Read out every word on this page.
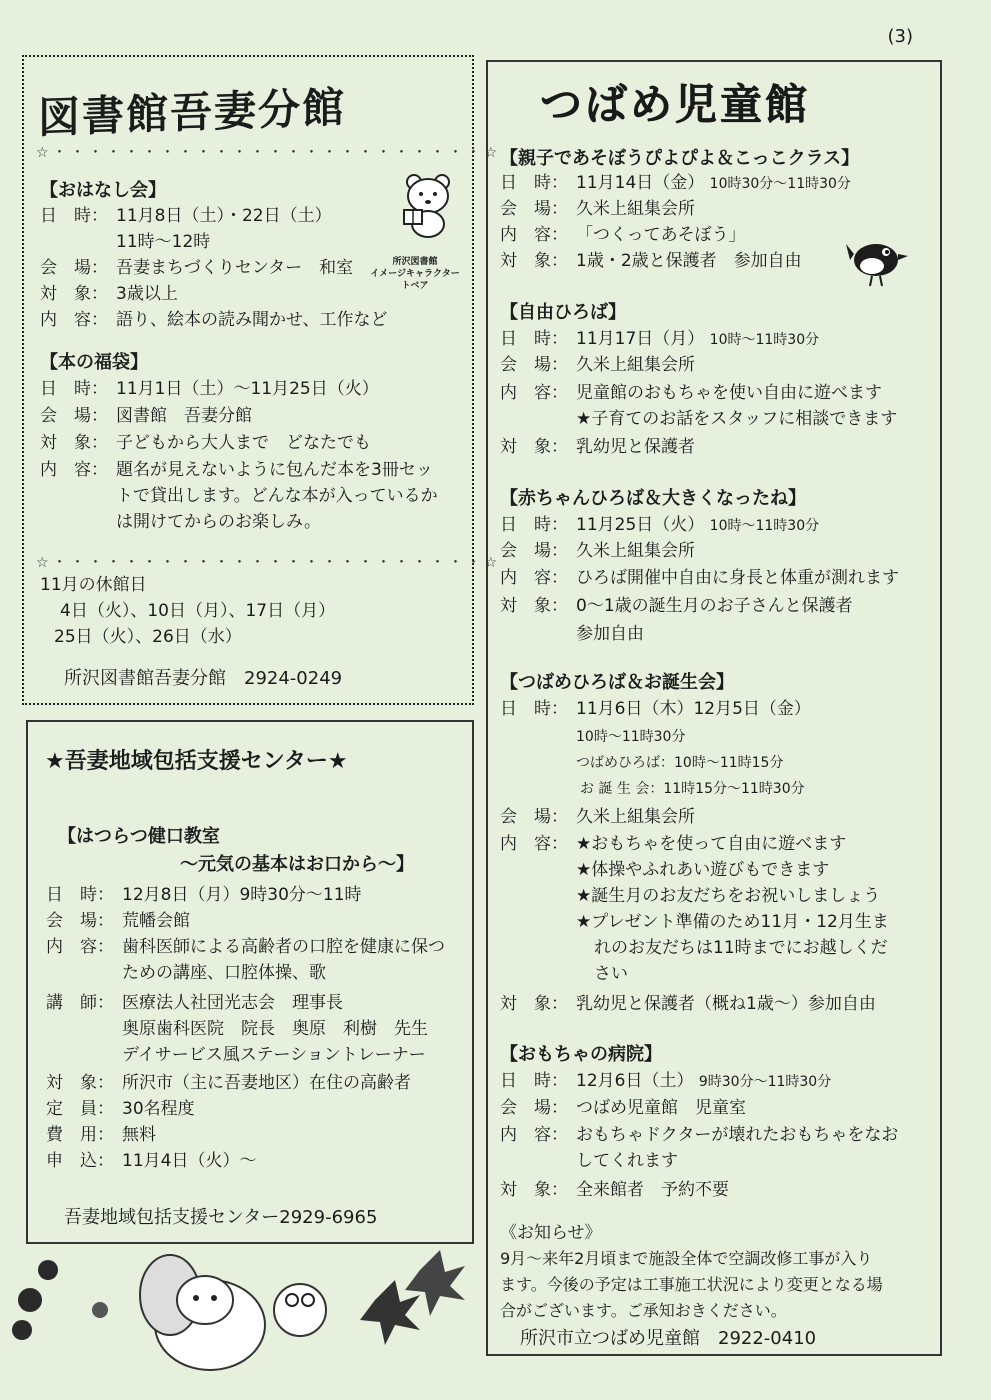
(3)
図書館吾妻分館
☆・・・・・・・・・・・・・・・・・・・・・・・・☆
【おはなし会】
日　時： 11月8日（土）・22日（土）
11時～12時
会　場： 吾妻まちづくりセンター　和室
対　象： 3歳以上
内　容： 語り、絵本の読み聞かせ、工作など
所沢図書館
イメージキャラクター
トベア
【本の福袋】
日　時： 11月1日（土）～11月25日（火）
会　場： 図書館　吾妻分館
対　象： 子どもから大人まで　どなたでも
内　容： 題名が見えないように包んだ本を3冊セッ
トで貸出します。どんな本が入っているか
は開けてからのお楽しみ。
☆・・・・・・・・・・・・・・・・・・・・・・・・☆
11月の休館日
4日（火）、10日（月）、17日（月）
25日（火）、26日（水）
所沢図書館吾妻分館　2924-0249
★吾妻地域包括支援センター★
【はつらつ健口教室
～元気の基本はお口から～】
日　時： 12月8日（月）9時30分～11時
会　場： 荒幡会館
内　容： 歯科医師による高齢者の口腔を健康に保つ
ための講座、口腔体操、歌
講　師： 医療法人社団光志会　理事長
奥原歯科医院　院長　奥原　利樹　先生
デイサービス風ステーショントレーナー
対　象： 所沢市（主に吾妻地区）在住の高齢者
定　員： 30名程度
費　用： 無料
申　込： 11月4日（火）～
吾妻地域包括支援センター2929-6965
つばめ児童館
【親子であそぼうぴよぴよ＆こっこクラス】
日　時： 11月14日（金） 10時30分～11時30分
会　場： 久米上組集会所
内　容： 「つくってあそぼう」
対　象： 1歳・2歳と保護者　参加自由
【自由ひろば】
日　時： 11月17日（月） 10時～11時30分
会　場： 久米上組集会所
内　容： 児童館のおもちゃを使い自由に遊べます
★子育てのお話をスタッフに相談できます
対　象： 乳幼児と保護者
【赤ちゃんひろば＆大きくなったね】
日　時： 11月25日（火） 10時～11時30分
会　場： 久米上組集会所
内　容： ひろば開催中自由に身長と体重が測れます
対　象： 0～1歳の誕生月のお子さんと保護者
参加自由
【つばめひろば＆お誕生会】
日　時： 11月6日（木）12月5日（金）
10時～11時30分
つばめひろば：10時～11時15分
お 誕 生 会：11時15分～11時30分
会　場： 久米上組集会所
内　容： ★おもちゃを使って自由に遊べます
★体操やふれあい遊びもできます
★誕生月のお友だちをお祝いしましょう
★プレゼント準備のため11月・12月生ま
れのお友だちは11時までにお越しくだ
さい
対　象： 乳幼児と保護者（概ね1歳～）参加自由
【おもちゃの病院】
日　時： 12月6日（土） 9時30分～11時30分
会　場： つばめ児童館　児童室
内　容： おもちゃドクターが壊れたおもちゃをなお
してくれます
対　象： 全来館者　予約不要
《お知らせ》
9月～来年2月頃まで施設全体で空調改修工事が入り
ます。今後の予定は工事施工状況により変更となる場
合がございます。ご承知おきください。
所沢市立つばめ児童館　2922-0410
